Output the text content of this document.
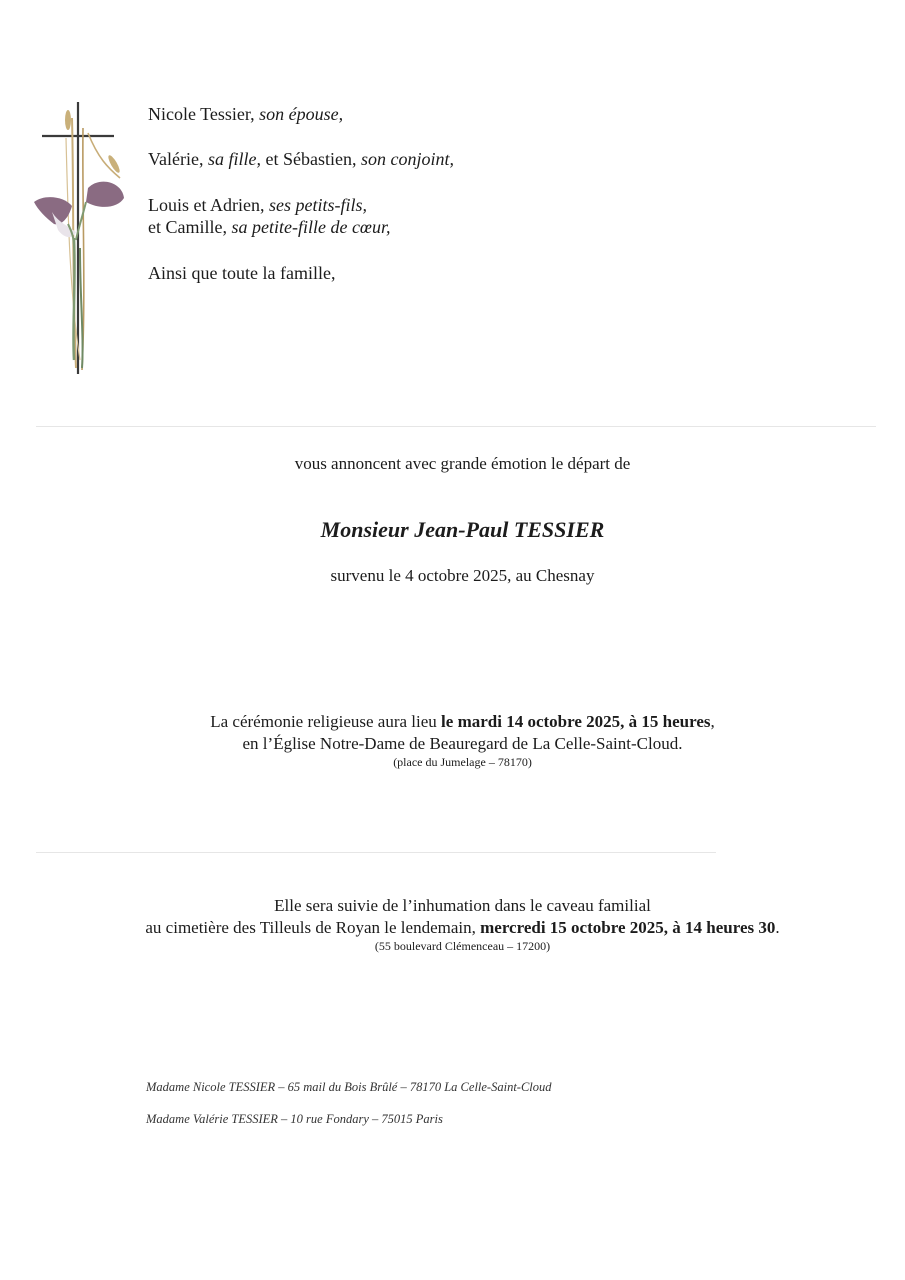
Nicole Tessier, son épouse,
Valérie, sa fille, et Sébastien, son conjoint,
Louis et Adrien, ses petits-fils,
et Camille, sa petite-fille de cœur,
Ainsi que toute la famille,
vous annoncent avec grande émotion le départ de
Monsieur Jean-Paul TESSIER
survenu le 4 octobre 2025, au Chesnay
La cérémonie religieuse aura lieu le mardi 14 octobre 2025, à 15 heures,
en l’Église Notre-Dame de Beauregard de La Celle-Saint-Cloud.
(place du Jumelage – 78170)
Elle sera suivie de l’inhumation dans le caveau familial
au cimetière des Tilleuls de Royan le lendemain, mercredi 15 octobre 2025, à 14 heures 30.
(55 boulevard Clémenceau – 17200)
Madame Nicole TESSIER – 65 mail du Bois Brûlé – 78170 La Celle-Saint-Cloud
Madame Valérie TESSIER – 10 rue Fondary – 75015 Paris
